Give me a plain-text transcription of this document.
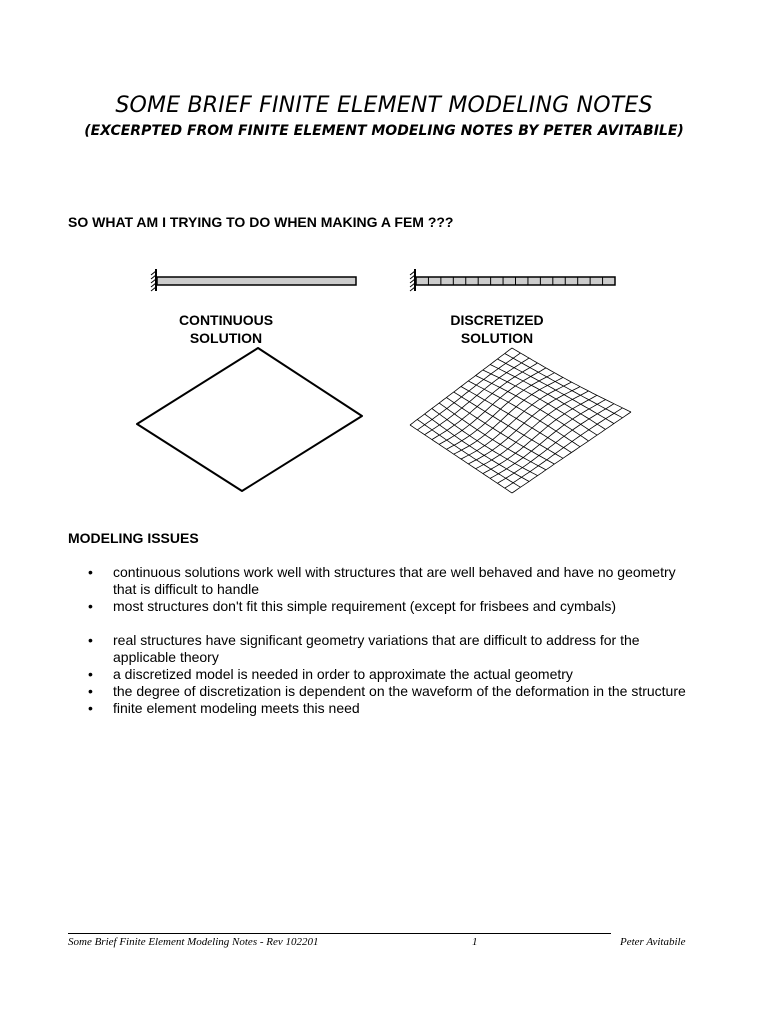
SOME BRIEF FINITE ELEMENT MODELING NOTES
(EXCERPTED FROM FINITE ELEMENT MODELING NOTES BY PETER AVITABILE)
SO WHAT AM I TRYING TO DO WHEN MAKING A FEM ???
CONTINUOUS
SOLUTION
DISCRETIZED
SOLUTION
MODELING ISSUES
• continuous solutions work well with structures that are well behaved and have no geometry that is difficult to handle
• most structures don't fit this simple requirement (except for frisbees and cymbals)
• real structures have significant geometry variations that are difficult to address for the applicable theory
• a discretized model is needed in order to approximate the actual geometry
• the degree of discretization is dependent on the waveform of the deformation in the structure
• finite element modeling meets this need
Some Brief Finite Element Modeling Notes - Rev 102201	1	Peter Avitabile
